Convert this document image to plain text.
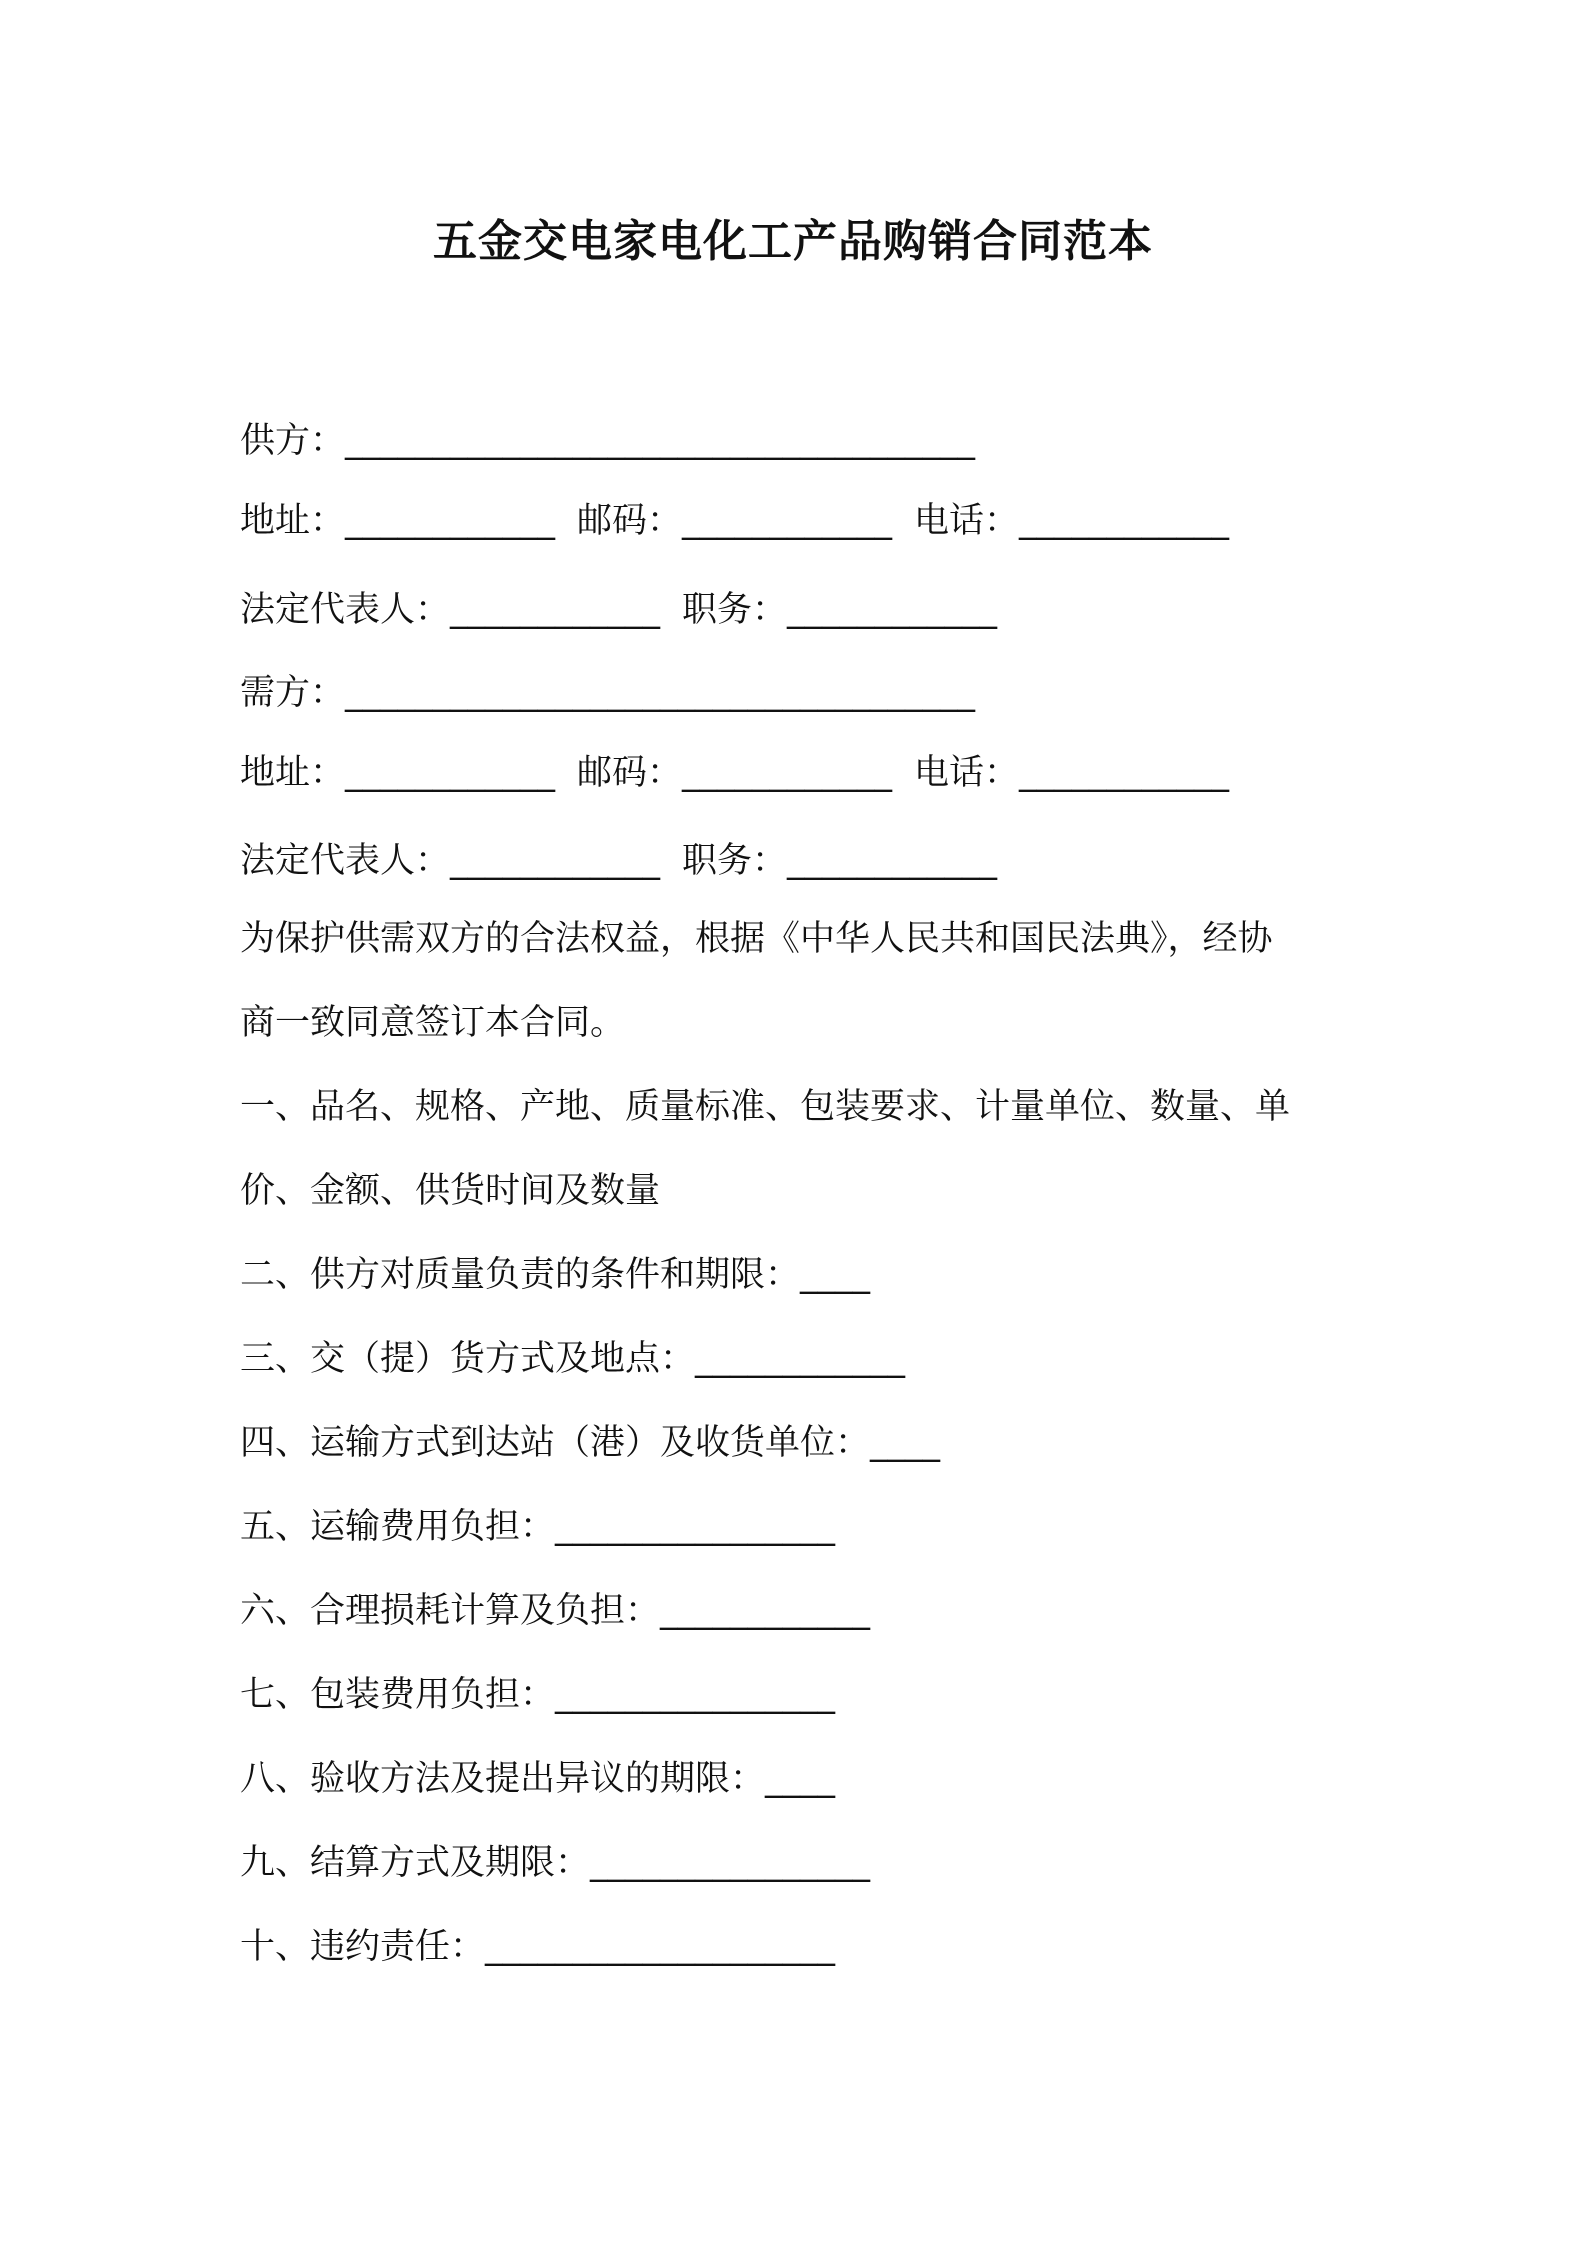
五金交电家电化工产品购销合同范本
供方：____________________________________
地址：____________ 邮码：____________ 电话：____________
法定代表人：____________ 职务：____________
需方：____________________________________
地址：____________ 邮码：____________ 电话：____________
法定代表人：____________ 职务：____________
为保护供需双方的合法权益，根据《中华人民共和国民法典》，经协
商一致同意签订本合同。
一、品名、规格、产地、质量标准、包装要求、计量单位、数量、单
价、金额、供货时间及数量
二、供方对质量负责的条件和期限：____
三、交（提）货方式及地点：____________
四、运输方式到达站（港）及收货单位：____
五、运输费用负担：________________
六、合理损耗计算及负担：____________
七、包装费用负担：________________
八、验收方法及提出异议的期限：____
九、结算方式及期限：________________
十、违约责任：____________________
